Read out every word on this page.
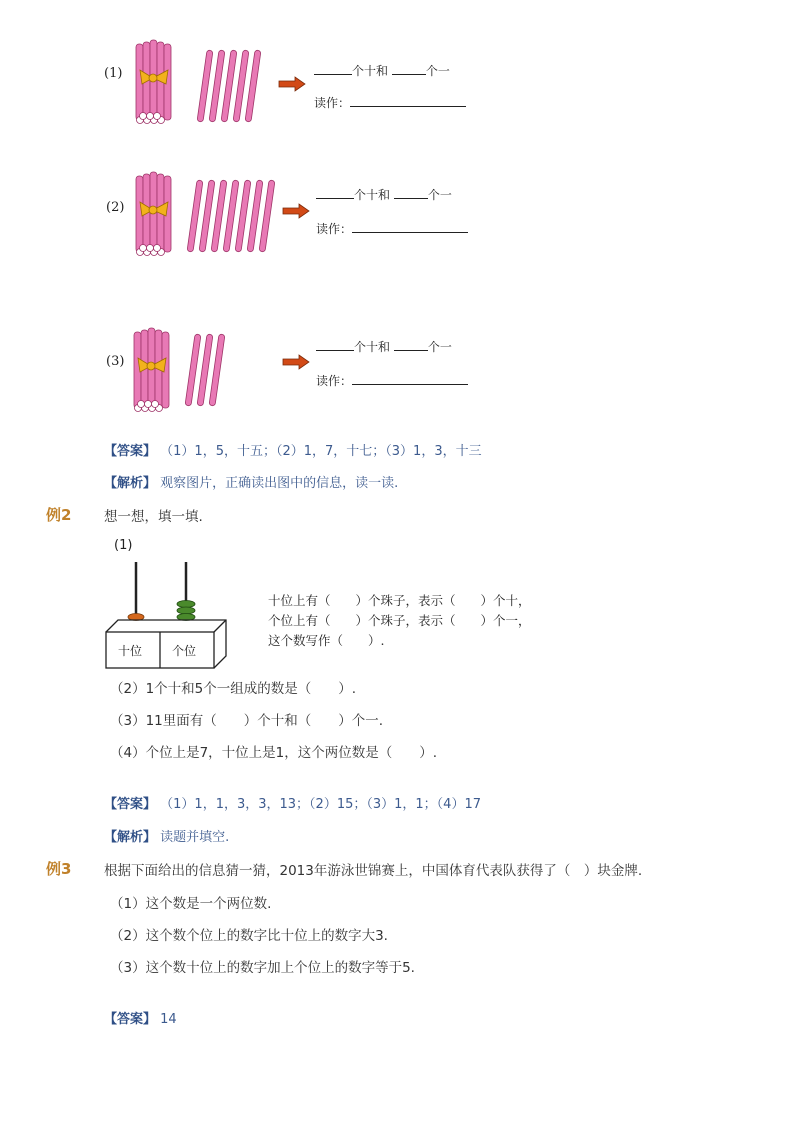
(1)	个十和	个一
读作：
(2)
个十和	个一
读作：
(3)
个十和	个一
读作：
【答案】 （1）1，5，十五；（2）1，7，十七；（3）1，3，十三
【解析】 观察图片，正确读出图中的信息，读一读.
例2 想一想，填一填.
(1)
十位 个位
十位上有（　　）个珠子，表示（　　）个十，
个位上有（　　）个珠子，表示（　　）个一，
这个数写作（　　）.
（2）1个十和5个一组成的数是（　　）.
（3）11里面有（　　）个十和（　　）个一.
（4）个位上是7，十位上是1，这个两位数是（　　）.
【答案】 （1）1，1，3，3，13；（2）15；（3）1，1；（4）17
【解析】 读题并填空.
例3 根据下面给出的信息猜一猜，2013年游泳世锦赛上，中国体育代表队获得了（　）块金牌.
（1）这个数是一个两位数.
（2）这个数个位上的数字比十位上的数字大3.
（3）这个数十位上的数字加上个位上的数字等于5.
【答案】 14
